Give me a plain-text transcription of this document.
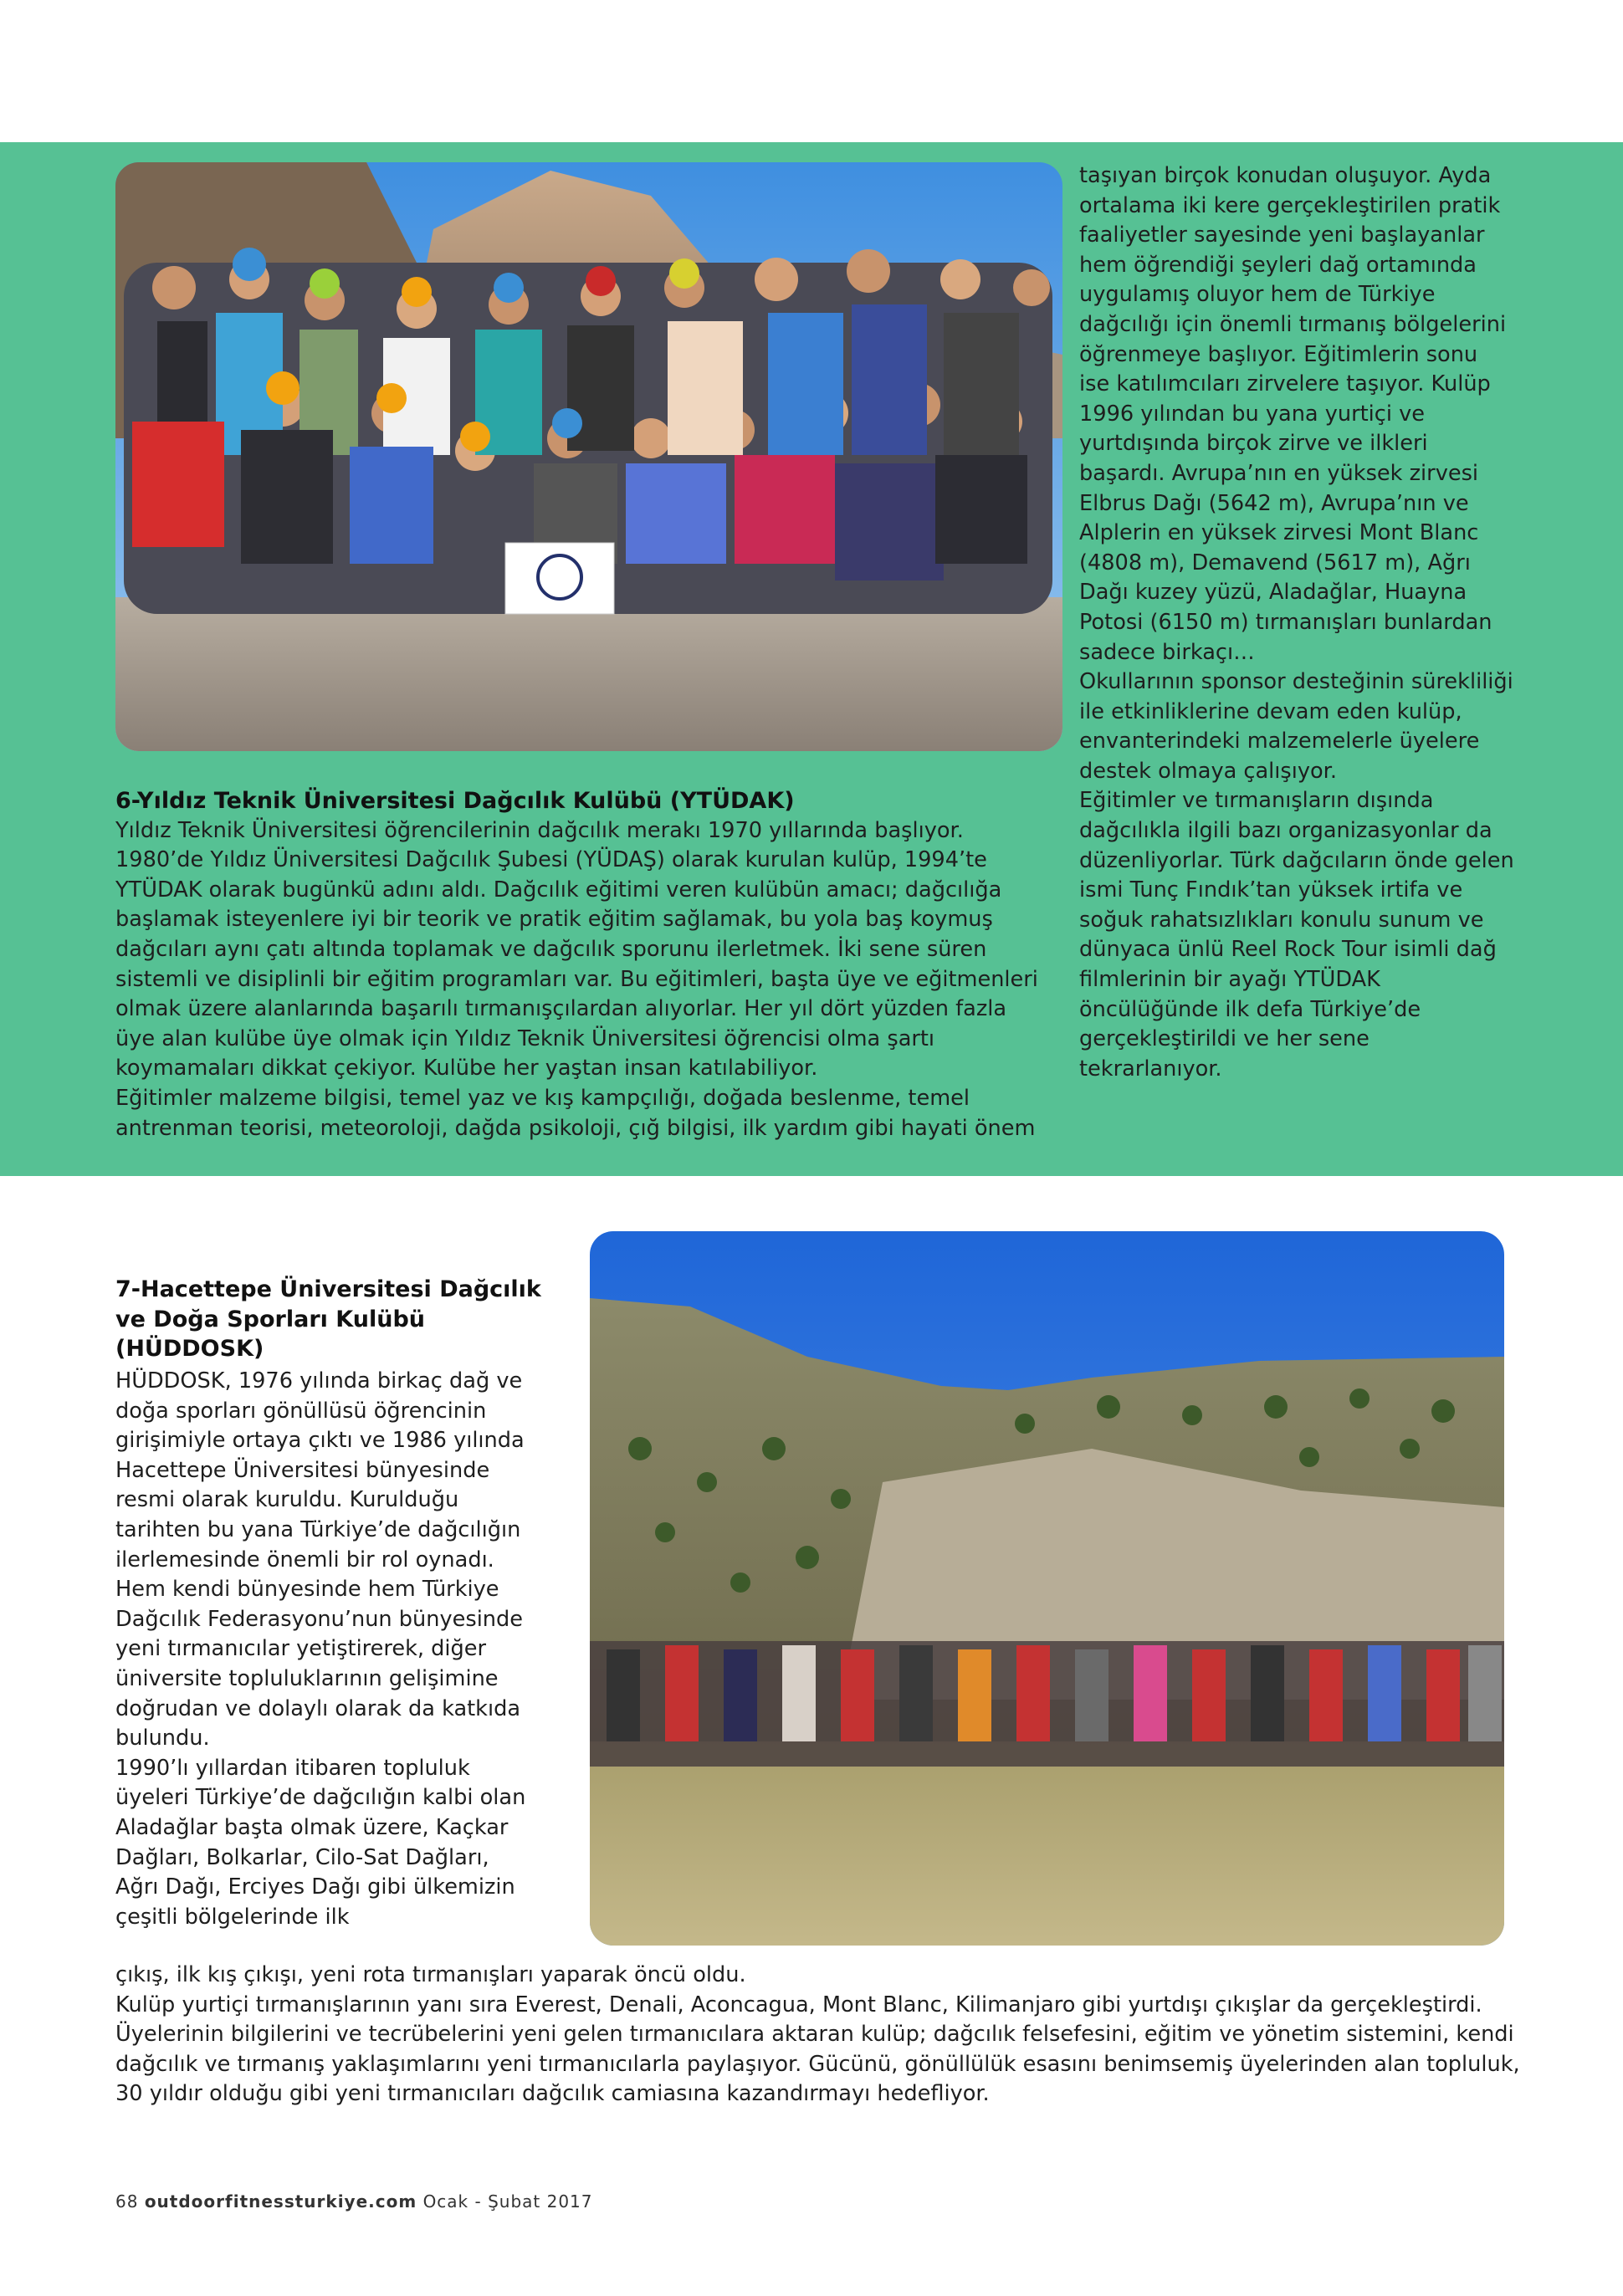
taşıyan birçok konudan oluşuyor. Ayda ortalama iki kere gerçekleştirilen pratik faaliyetler sayesinde yeni başlayanlar hem öğrendiği şeyleri dağ ortamında uygulamış oluyor hem de Türkiye dağcılığı için önemli tırmanış bölgelerini öğrenmeye başlıyor. Eğitimlerin sonu ise katılımcıları zirvelere taşıyor. Kulüp 1996 yılından bu yana yurtiçi ve yurtdışında birçok zirve ve ilkleri başardı. Avrupa’nın en yüksek zirvesi Elbrus Dağı (5642 m), Avrupa’nın ve Alplerin en yüksek zirvesi Mont Blanc (4808 m), Demavend (5617 m), Ağrı Dağı kuzey yüzü, Aladağlar, Huayna Potosi (6150 m) tırmanışları bunlardan sadece birkaçı…

Okullarının sponsor desteğinin sürekliliği ile etkinliklerine devam eden kulüp, envanterindeki malzemelerle üyelere destek olmaya çalışıyor.

Eğitimler ve tırmanışların dışında dağcılıkla ilgili bazı organizasyonlar da düzenliyorlar. Türk dağcıların önde gelen ismi Tunç Fındık’tan yüksek irtifa ve soğuk rahatsızlıkları konulu sunum ve dünyaca ünlü Reel Rock Tour isimli dağ filmlerinin bir ayağı YTÜDAK öncülüğünde ilk defa Türkiye’de gerçekleştirildi ve her sene tekrarlanıyor.

6-Yıldız Teknik Üniversitesi Dağcılık Kulübü (YTÜDAK)

Yıldız Teknik Üniversitesi öğrencilerinin dağcılık merakı 1970 yıllarında başlıyor. 1980’de Yıldız Üniversitesi Dağcılık Şubesi (YÜDAŞ) olarak kurulan kulüp, 1994’te YTÜDAK olarak bugünkü adını aldı. Dağcılık eğitimi veren kulübün amacı; dağcılığa başlamak isteyenlere iyi bir teorik ve pratik eğitim sağlamak, bu yola baş koymuş dağcıları aynı çatı altında toplamak ve dağcılık sporunu ilerletmek. İki sene süren sistemli ve disiplinli bir eğitim programları var. Bu eğitimleri, başta üye ve eğitmenleri olmak üzere alanlarında başarılı tırmanışçılardan alıyorlar. Her yıl dört yüzden fazla üye alan kulübe üye olmak için Yıldız Teknik Üniversitesi öğrencisi olma şartı koymamaları dikkat çekiyor. Kulübe her yaştan insan katılabiliyor.

Eğitimler malzeme bilgisi, temel yaz ve kış kampçılığı, doğada beslenme, temel antrenman teorisi, meteoroloji, dağda psikoloji, çığ bilgisi, ilk yardım gibi hayati önem

7-Hacettepe Üniversitesi Dağcılık ve Doğa Sporları Kulübü (HÜDDOSK)

HÜDDOSK, 1976 yılında birkaç dağ ve doğa sporları gönüllüsü öğrencinin girişimiyle ortaya çıktı ve 1986 yılında Hacettepe Üniversitesi bünyesinde resmi olarak kuruldu. Kurulduğu tarihten bu yana Türkiye’de dağcılığın ilerlemesinde önemli bir rol oynadı. Hem kendi bünyesinde hem Türkiye Dağcılık Federasyonu’nun bünyesinde yeni tırmanıcılar yetiştirerek, diğer üniversite topluluklarının gelişimine doğrudan ve dolaylı olarak da katkıda bulundu.

1990’lı yıllardan itibaren topluluk üyeleri Türkiye’de dağcılığın kalbi olan Aladağlar başta olmak üzere, Kaçkar Dağları, Bolkarlar, Cilo-Sat Dağları, Ağrı Dağı, Erciyes Dağı gibi ülkemizin çeşitli bölgelerinde ilk

çıkış, ilk kış çıkışı, yeni rota tırmanışları yaparak öncü oldu.

Kulüp yurtiçi tırmanışlarının yanı sıra Everest, Denali, Aconcagua, Mont Blanc, Kilimanjaro gibi yurtdışı çıkışlar da gerçekleştirdi. Üyelerinin bilgilerini ve tecrübelerini yeni gelen tırmanıcılara aktaran kulüp; dağcılık felsefesini, eğitim ve yönetim sistemini, kendi dağcılık ve tırmanış yaklaşımlarını yeni tırmanıcılarla paylaşıyor. Gücünü, gönüllülük esasını benimsemiş üyelerinden alan topluluk, 30 yıldır olduğu gibi yeni tırmanıcıları dağcılık camiasına kazandırmayı hedefliyor.

68 outdoorfitnessturkiye.com Ocak - Şubat 2017
